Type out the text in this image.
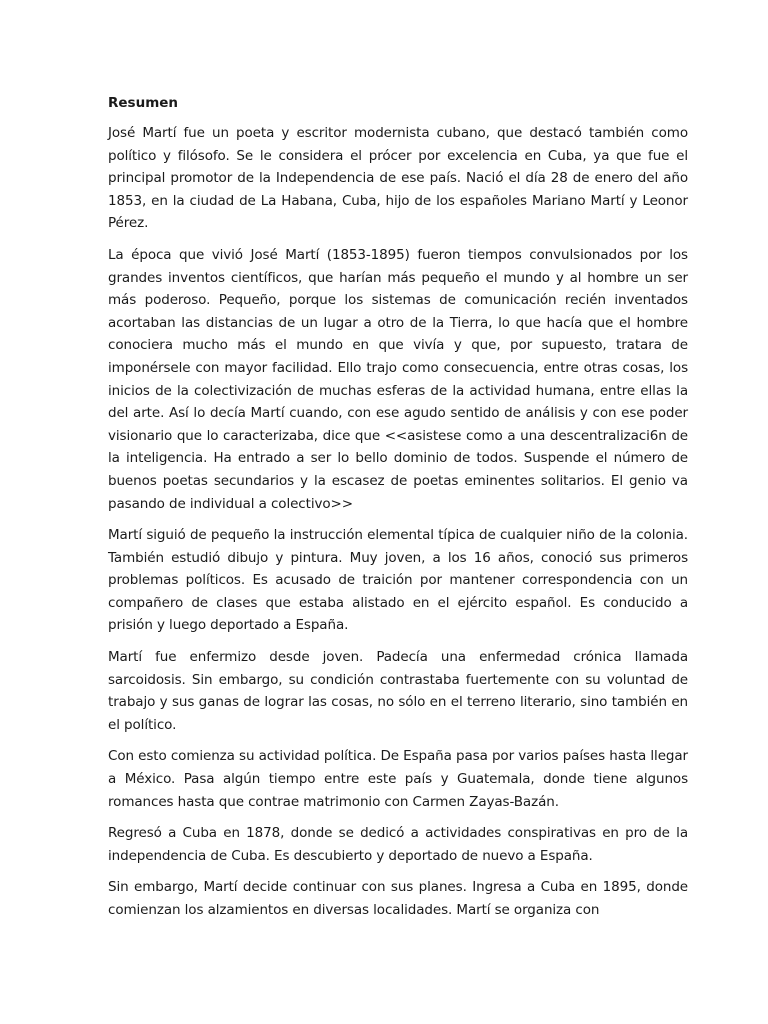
Resumen

José Martí fue un poeta y escritor modernista cubano, que destacó también como político y filósofo. Se le considera el prócer por excelencia en Cuba, ya que fue el principal promotor de la Independencia de ese país. Nació el día 28 de enero del año 1853, en la ciudad de La Habana, Cuba, hijo de los españoles Mariano Martí y Leonor Pérez.

La época que vivió José Martí (1853-1895) fueron tiempos convulsionados por los grandes inventos científicos, que harían más pequeño el mundo y al hombre un ser más poderoso. Pequeño, porque los sistemas de comunicación recién inventados acortaban las distancias de un lugar a otro de la Tierra, lo que hacía que el hombre conociera mucho más el mundo en que vivía y que, por supuesto, tratara de imponérsele con mayor facilidad. Ello trajo como consecuencia, entre otras cosas, los inicios de la colectivización de muchas esferas de la actividad humana, entre ellas la del arte. Así lo decía Martí cuando, con ese agudo sentido de análisis y con ese poder visionario que lo caracterizaba, dice que <<asistese como a una descentralizaci6n de la inteligencia. Ha entrado a ser lo bello dominio de todos. Suspende el número de buenos poetas secundarios y la escasez de poetas eminentes solitarios. El genio va pasando de individual a colectivo>>

Martí siguió de pequeño la instrucción elemental típica de cualquier niño de la colonia. También estudió dibujo y pintura. Muy joven, a los 16 años, conoció sus primeros problemas políticos. Es acusado de traición por mantener correspondencia con un compañero de clases que estaba alistado en el ejército español. Es conducido a prisión y luego deportado a España.

Martí fue enfermizo desde joven. Padecía una enfermedad crónica llamada sarcoidosis. Sin embargo, su condición contrastaba fuertemente con su voluntad de trabajo y sus ganas de lograr las cosas, no sólo en el terreno literario, sino también en el político.

Con esto comienza su actividad política. De España pasa por varios países hasta llegar a México. Pasa algún tiempo entre este país y Guatemala, donde tiene algunos romances hasta que contrae matrimonio con Carmen Zayas-Bazán.

Regresó a Cuba en 1878, donde se dedicó a actividades conspirativas en pro de la independencia de Cuba. Es descubierto y deportado de nuevo a España.

Sin embargo, Martí decide continuar con sus planes. Ingresa a Cuba en 1895, donde comienzan los alzamientos en diversas localidades. Martí se organiza con
